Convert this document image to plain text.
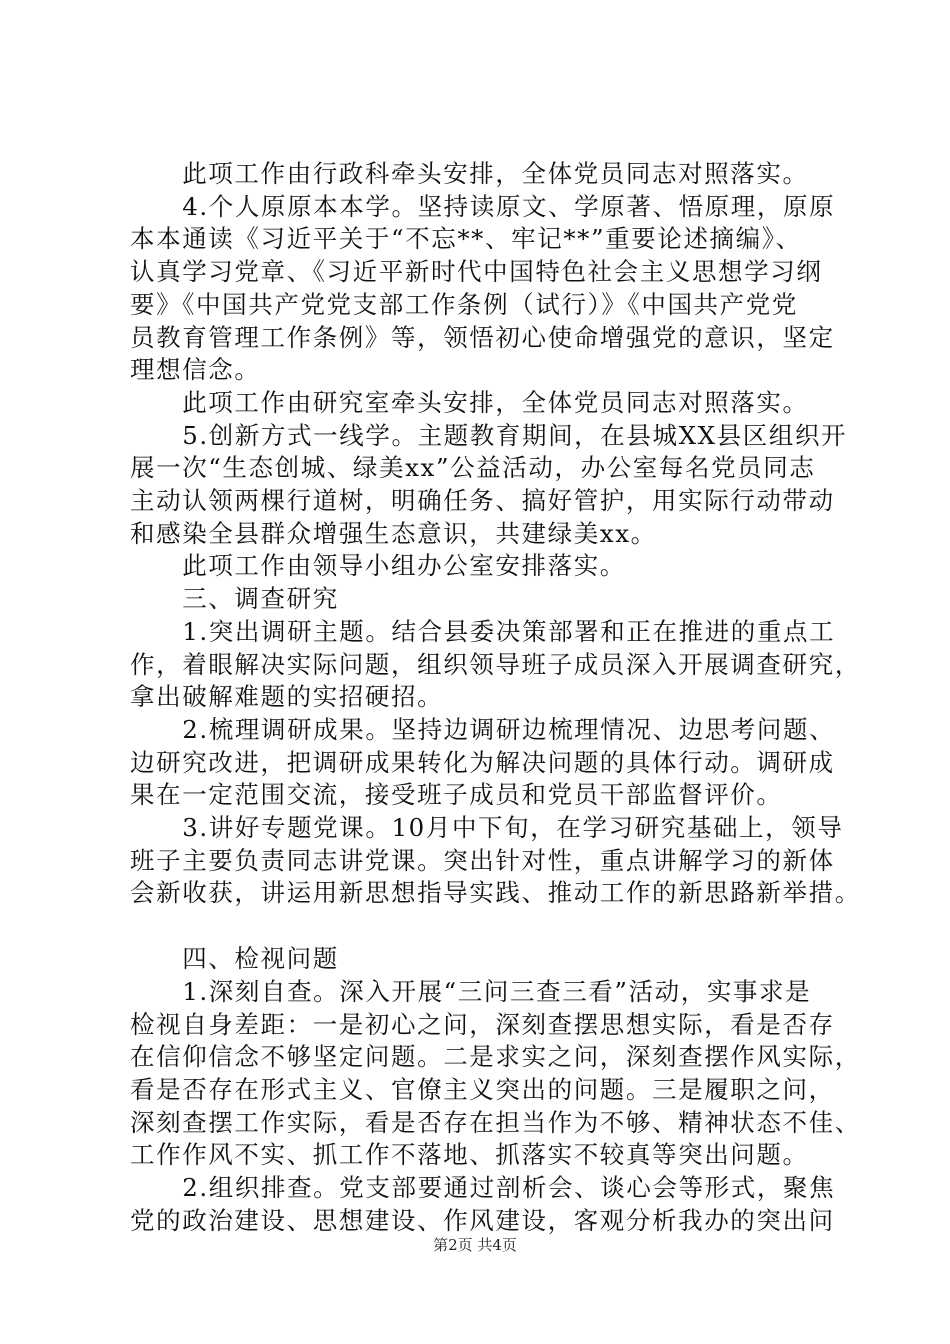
　　此项工作由行政科牵头安排，全体党员同志对照落实。

　　4.个人原原本本学。坚持读原文、学原著、悟原理，原原

本本通读《习近平关于“不忘**、牢记**”重要论述摘编》、

认真学习党章、《习近平新时代中国特色社会主义思想学习纲

要》《中国共产党党支部工作条例（试行）》《中国共产党党

员教育管理工作条例》等，领悟初心使命增强党的意识，坚定

理想信念。

　　此项工作由研究室牵头安排，全体党员同志对照落实。

　　5.创新方式一线学。主题教育期间，在县城XX县区组织开

展一次“生态创城、绿美xx”公益活动，办公室每名党员同志

主动认领两棵行道树，明确任务、搞好管护，用实际行动带动

和感染全县群众增强生态意识，共建绿美xx。

　　此项工作由领导小组办公室安排落实。

　　三、调查研究

　　1.突出调研主题。结合县委决策部署和正在推进的重点工

作，着眼解决实际问题，组织领导班子成员深入开展调查研究，

拿出破解难题的实招硬招。

　　2.梳理调研成果。坚持边调研边梳理情况、边思考问题、

边研究改进，把调研成果转化为解决问题的具体行动。调研成

果在一定范围交流，接受班子成员和党员干部监督评价。

　　3.讲好专题党课。10月中下旬，在学习研究基础上，领导

班子主要负责同志讲党课。突出针对性，重点讲解学习的新体

会新收获，讲运用新思想指导实践、推动工作的新思路新举措。

　　四、检视问题

　　1.深刻自查。深入开展“三问三查三看”活动，实事求是

检视自身差距：一是初心之问，深刻查摆思想实际，看是否存

在信仰信念不够坚定问题。二是求实之问，深刻查摆作风实际，

看是否存在形式主义、官僚主义突出的问题。三是履职之问，

深刻查摆工作实际，看是否存在担当作为不够、精神状态不佳、

工作作风不实、抓工作不落地、抓落实不较真等突出问题。

　　2.组织排查。党支部要通过剖析会、谈心会等形式，聚焦

党的政治建设、思想建设、作风建设，客观分析我办的突出问

第2页 共4页
